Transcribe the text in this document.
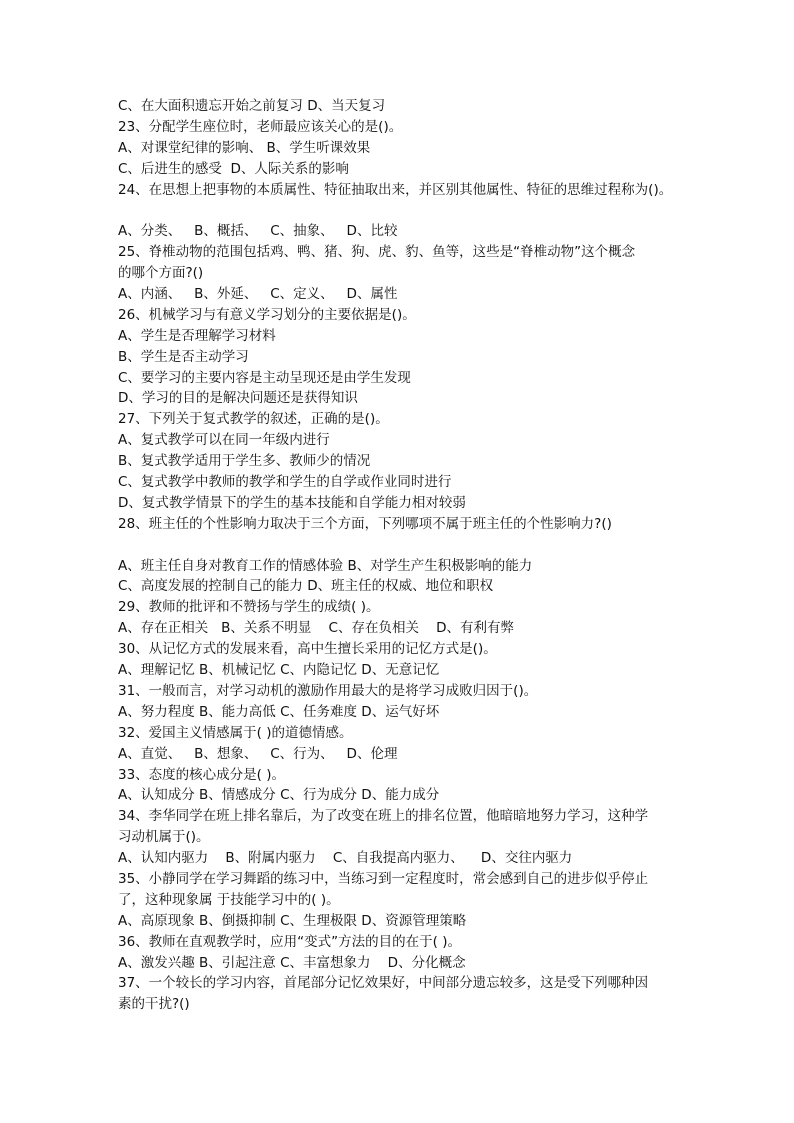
C、在大面积遗忘开始之前复习 D、当天复习
23、分配学生座位时，老师最应该关心的是()。
A、对课堂纪律的影响、 B、学生听课效果
C、后进生的感受  D、人际关系的影响
24、在思想上把事物的本质属性、特征抽取出来，并区别其他属性、特征的思维过程称为()。
A、分类、   B、概括、   C、抽象、   D、比较
25、脊椎动物的范围包括鸡、鸭、猪、狗、虎、豹、鱼等，这些是“脊椎动物”这个概念
的哪个方面?()
A、内涵、   B、外延、   C、定义、   D、属性
26、机械学习与有意义学习划分的主要依据是()。
A、学生是否理解学习材料
B、学生是否主动学习
C、要学习的主要内容是主动呈现还是由学生发现
D、学习的目的是解决问题还是获得知识
27、下列关于复式教学的叙述，正确的是()。
A、复式教学可以在同一年级内进行
B、复式教学适用于学生多、教师少的情况
C、复式教学中教师的教学和学生的自学或作业同时进行
D、复式教学情景下的学生的基本技能和自学能力相对较弱
28、班主任的个性影响力取决于三个方面，下列哪项不属于班主任的个性影响力?()
A、班主任自身对教育工作的情感体验 B、对学生产生积极影响的能力
C、高度发展的控制自己的能力 D、班主任的权威、地位和职权
29、教师的批评和不赞扬与学生的成绩( )。
A、存在正相关   B、关系不明显    C、存在负相关    D、有利有弊
30、从记忆方式的发展来看，高中生擅长采用的记忆方式是()。
A、理解记忆 B、机械记忆 C、内隐记忆 D、无意记忆
31、一般而言，对学习动机的激励作用最大的是将学习成败归因于()。
A、努力程度 B、能力高低 C、任务难度 D、运气好坏
32、爱国主义情感属于( )的道德情感。
A、直觉、   B、想象、   C、行为、   D、伦理
33、态度的核心成分是( )。
A、认知成分 B、情感成分 C、行为成分 D、能力成分
34、李华同学在班上排名靠后，为了改变在班上的排名位置，他暗暗地努力学习，这种学
习动机属于()。
A、认知内驱力    B、附属内驱力    C、自我提高内驱力、    D、交往内驱力
35、小静同学在学习舞蹈的练习中，当练习到一定程度时，常会感到自己的进步似乎停止
了，这种现象属 于技能学习中的( )。
A、高原现象 B、倒摄抑制 C、生理极限 D、资源管理策略
36、教师在直观教学时，应用“变式”方法的目的在于( )。
A、激发兴趣 B、引起注意 C、丰富想象力    D、分化概念
37、一个较长的学习内容，首尾部分记忆效果好，中间部分遗忘较多，这是受下列哪种因
素的干扰?()
